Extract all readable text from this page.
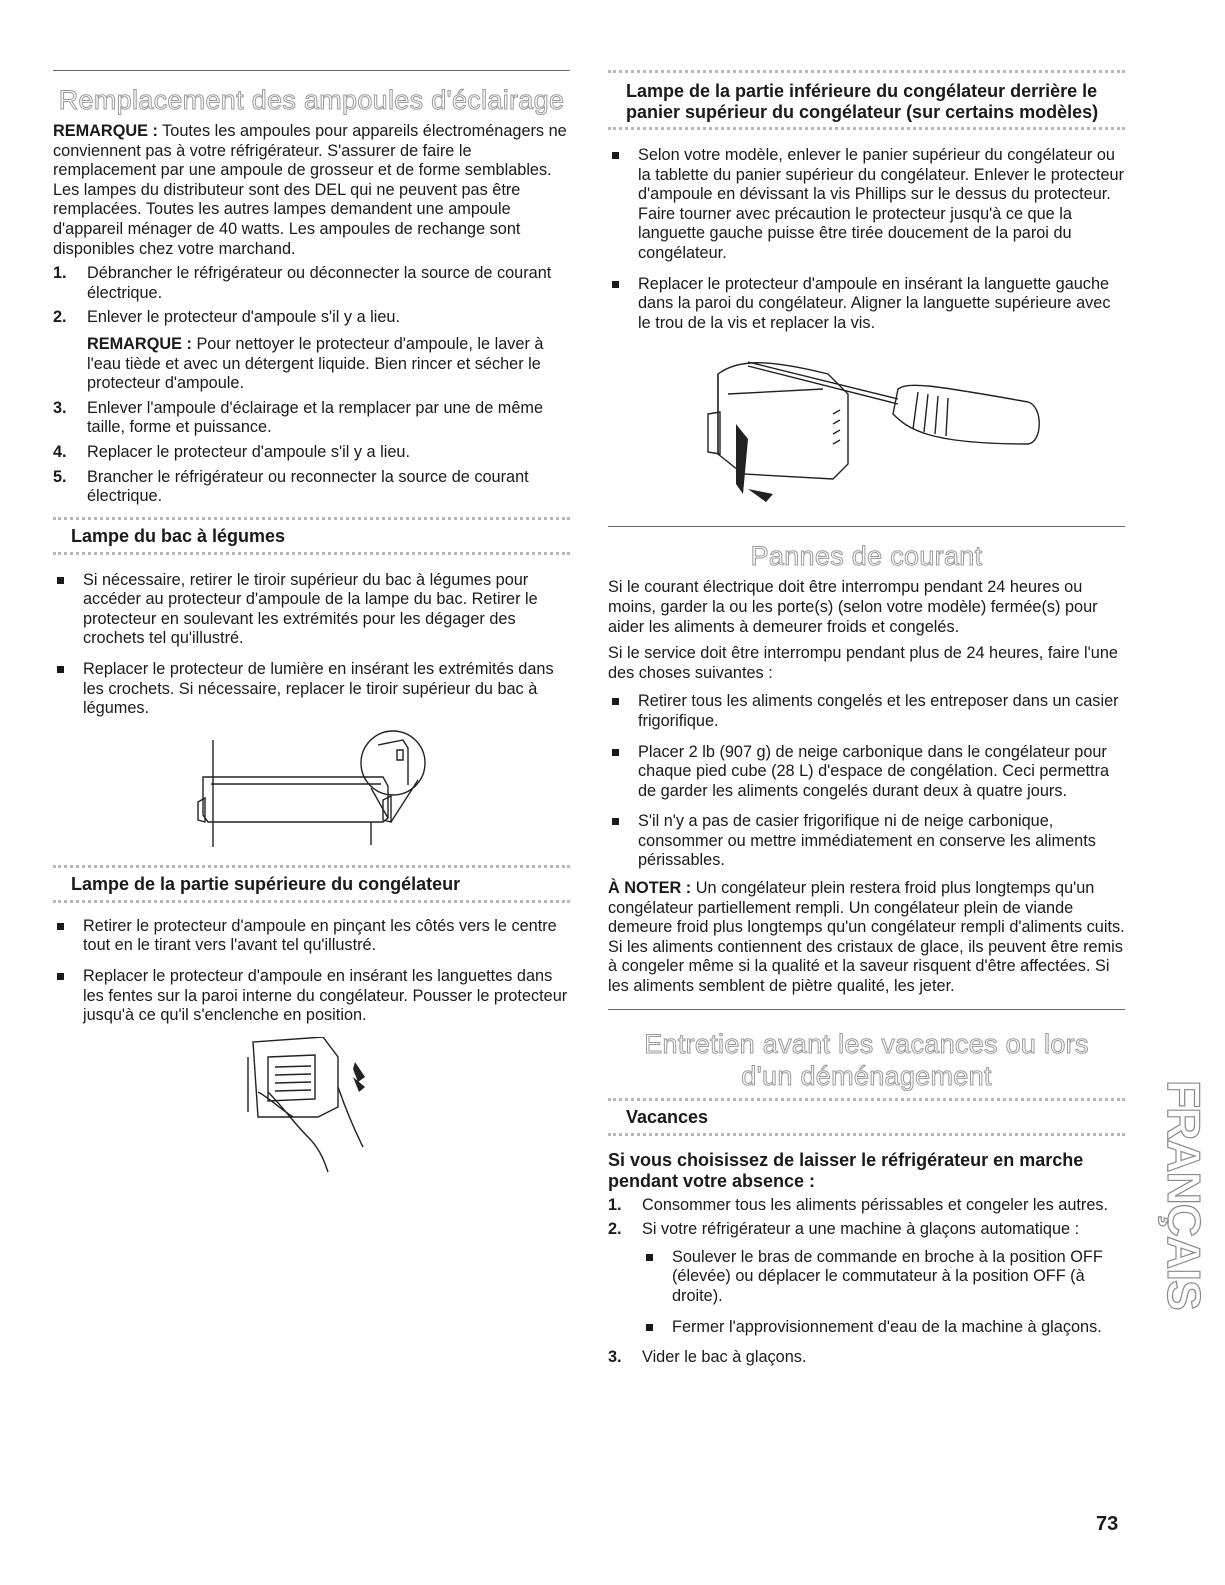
Remplacement des ampoules d'éclairage

REMARQUE : Toutes les ampoules pour appareils électroménagers ne conviennent pas à votre réfrigérateur. S'assurer de faire le remplacement par une ampoule de grosseur et de forme semblables. Les lampes du distributeur sont des DEL qui ne peuvent pas être remplacées. Toutes les autres lampes demandent une ampoule d'appareil ménager de 40 watts. Les ampoules de rechange sont disponibles chez votre marchand.

1. Débrancher le réfrigérateur ou déconnecter la source de courant électrique.
2. Enlever le protecteur d'ampoule s'il y a lieu.

REMARQUE : Pour nettoyer le protecteur d'ampoule, le laver à l'eau tiède et avec un détergent liquide. Bien rincer et sécher le protecteur d'ampoule.

3. Enlever l'ampoule d'éclairage et la remplacer par une de même taille, forme et puissance.
4. Replacer le protecteur d'ampoule s'il y a lieu.
5. Brancher le réfrigérateur ou reconnecter la source de courant électrique.
Lampe du bac à légumes
Si nécessaire, retirer le tiroir supérieur du bac à légumes pour accéder au protecteur d'ampoule de la lampe du bac. Retirer le protecteur en soulevant les extrémités pour les dégager des crochets tel qu'illustré.
Replacer le protecteur de lumière en insérant les extrémités dans les crochets. Si nécessaire, replacer le tiroir supérieur du bac à légumes.
Lampe de la partie supérieure du congélateur
Retirer le protecteur d'ampoule en pinçant les côtés vers le centre tout en le tirant vers l'avant tel qu'illustré.
Replacer le protecteur d'ampoule en insérant les languettes dans les fentes sur la paroi interne du congélateur. Pousser le protecteur jusqu'à ce qu'il s'enclenche en position.
Lampe de la partie inférieure du congélateur derrière le panier supérieur du congélateur (sur certains modèles)
Selon votre modèle, enlever le panier supérieur du congélateur ou la tablette du panier supérieur du congélateur. Enlever le protecteur d'ampoule en dévissant la vis Phillips sur le dessus du protecteur. Faire tourner avec précaution le protecteur jusqu'à ce que la languette gauche puisse être tirée doucement de la paroi du congélateur.
Replacer le protecteur d'ampoule en insérant la languette gauche dans la paroi du congélateur. Aligner la languette supérieure avec le trou de la vis et replacer la vis.
Pannes de courant

Si le courant électrique doit être interrompu pendant 24 heures ou moins, garder la ou les porte(s) (selon votre modèle) fermée(s) pour aider les aliments à demeurer froids et congelés.

Si le service doit être interrompu pendant plus de 24 heures, faire l'une des choses suivantes :

Retirer tous les aliments congelés et les entreposer dans un casier frigorifique.
Placer 2 lb (907 g) de neige carbonique dans le congélateur pour chaque pied cube (28 L) d'espace de congélation. Ceci permettra de garder les aliments congelés durant deux à quatre jours.
S'il n'y a pas de casier frigorifique ni de neige carbonique, consommer ou mettre immédiatement en conserve les aliments périssables.

À NOTER : Un congélateur plein restera froid plus longtemps qu'un congélateur partiellement rempli. Un congélateur plein de viande demeure froid plus longtemps qu'un congélateur rempli d'aliments cuits. Si les aliments contiennent des cristaux de glace, ils peuvent être remis à congeler même si la qualité et la saveur risquent d'être affectées. Si les aliments semblent de piètre qualité, les jeter.

Entretien avant les vacances ou lors
d'un déménagement
Vacances
Si vous choisissez de laisser le réfrigérateur en marche pendant votre absence :
1. Consommer tous les aliments périssables et congeler les autres.
2. Si votre réfrigérateur a une machine à glaçons automatique :
Soulever le bras de commande en broche à la position OFF (élevée) ou déplacer le commutateur à la position OFF (à droite).
Fermer l'approvisionnement d'eau de la machine à glaçons.
3. Vider le bac à glaçons.
FRANÇAIS
73
